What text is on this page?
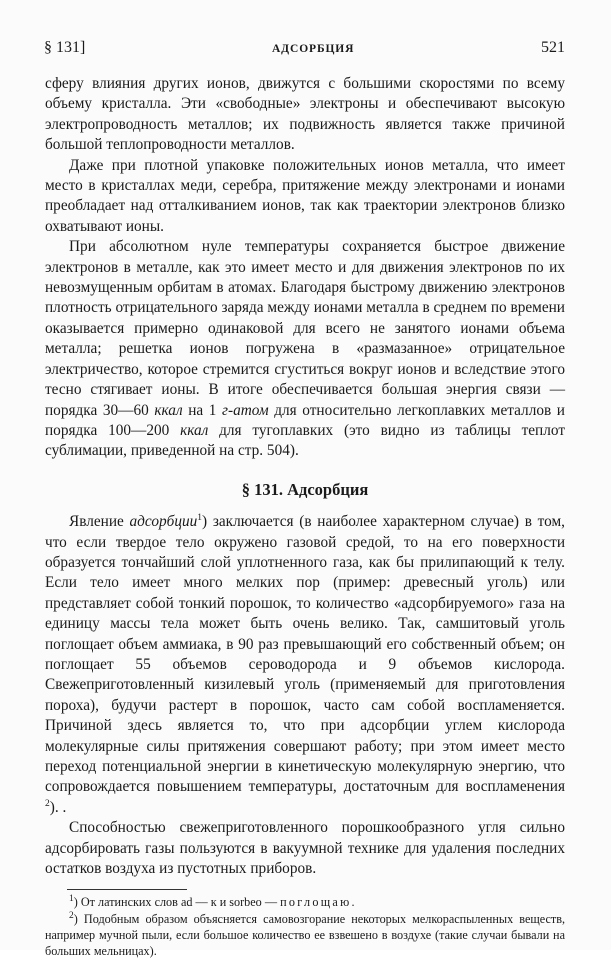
§ 131]	АДСОРБЦИЯ	521

сферу влияния других ионов, движутся с большими скоростями по всему объему кристалла. Эти «свободные» электроны и обеспечивают высокую электропроводность металлов; их подвижность является также причиной большой теплопроводности металлов.

Даже при плотной упаковке положительных ионов металла, что имеет место в кристаллах меди, серебра, притяжение между электронами и ионами преобладает над отталкиванием ионов, так как траектории электронов близко охватывают ионы.

При абсолютном нуле температуры сохраняется быстрое движение электронов в металле, как это имеет место и для движения электронов по их невозмущенным орбитам в атомах. Благодаря быстрому движению электронов плотность отрицательного заряда между ионами металла в среднем по времени оказывается примерно одинаковой для всего не занятого ионами объема металла; решетка ионов погружена в «размазанное» отрицательное электричество, которое стремится сгуститься вокруг ионов и вследствие этого тесно стягивает ионы. В итоге обеспечивается большая энергия связи — порядка 30—60 ккал на 1 г-атом для относительно легкоплавких металлов и порядка 100—200 ккал для тугоплавких (это видно из таблицы теплот сублимации, приведенной на стр. 504).

§ 131. Адсорбция

Явление адсорбции$^1$) заключается (в наиболее характерном случае) в том, что если твердое тело окружено газовой средой, то на его поверхности образуется тончайший слой уплотненного газа, как бы прилипающий к телу. Если тело имеет много мелких пор (пример: древесный уголь) или представляет собой тонкий порошок, то количество «адсорбируемого» газа на единицу массы тела может быть очень велико. Так, самшитовый уголь поглощает объем аммиака, в 90 раз превышающий его собственный объем; он поглощает 55 объемов сероводорода и 9 объемов кислорода. Свежеприготовленный кизилевый уголь (применяемый для приготовления пороха), будучи растерт в порошок, часто сам собой воспламеняется. Причиной здесь является то, что при адсорбции углем кислорода молекулярные силы притяжения совершают работу; при этом имеет место переход потенциальной энергии в кинетическую молекулярную энергию, что сопровождается повышением температуры, достаточным для воспламенения $^2$). .

Способностью свежеприготовленного порошкообразного угля сильно адсорбировать газы пользуются в вакуумной технике для удаления последних остатков воздуха из пустотных приборов.

$^1$) От латинских слов ad — к и sorbeo — поглощаю.

$^2$) Подобным образом объясняется самовозгорание некоторых мелкораспыленных веществ, например мучной пыли, если большое количество ее взвешено в воздухе (такие случаи бывали на больших мельницах).
